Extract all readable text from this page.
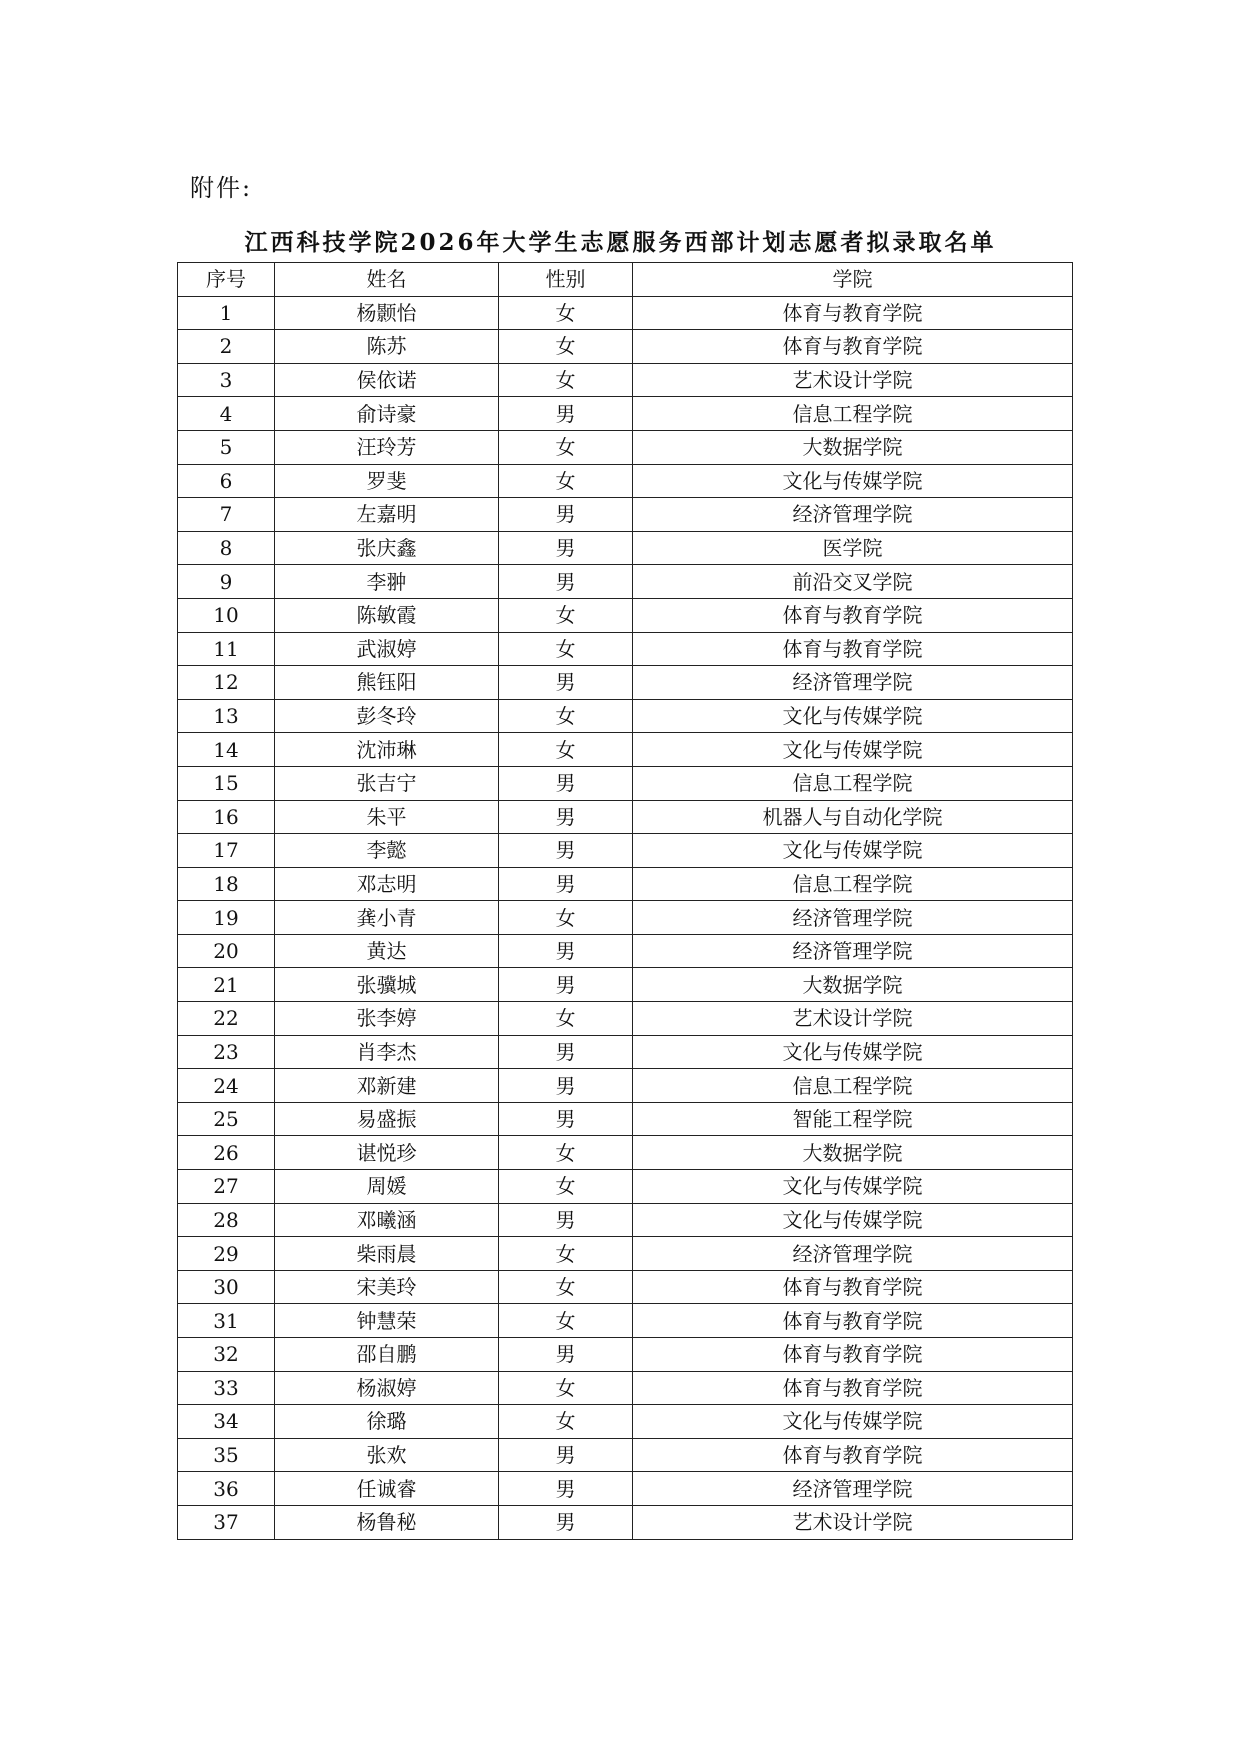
附件:
江西科技学院2026年大学生志愿服务西部计划志愿者拟录取名单
序号	姓名	性别	学院
1	杨颢怡	女	体育与教育学院
2	陈苏	女	体育与教育学院
3	侯依诺	女	艺术设计学院
4	俞诗豪	男	信息工程学院
5	汪玲芳	女	大数据学院
6	罗斐	女	文化与传媒学院
7	左嘉明	男	经济管理学院
8	张庆鑫	男	医学院
9	李翀	男	前沿交叉学院
10	陈敏霞	女	体育与教育学院
11	武淑婷	女	体育与教育学院
12	熊钰阳	男	经济管理学院
13	彭冬玲	女	文化与传媒学院
14	沈沛琳	女	文化与传媒学院
15	张吉宁	男	信息工程学院
16	朱平	男	机器人与自动化学院
17	李懿	男	文化与传媒学院
18	邓志明	男	信息工程学院
19	龚小青	女	经济管理学院
20	黄达	男	经济管理学院
21	张骥城	男	大数据学院
22	张李婷	女	艺术设计学院
23	肖李杰	男	文化与传媒学院
24	邓新建	男	信息工程学院
25	易盛振	男	智能工程学院
26	谌悦珍	女	大数据学院
27	周媛	女	文化与传媒学院
28	邓曦涵	男	文化与传媒学院
29	柴雨晨	女	经济管理学院
30	宋美玲	女	体育与教育学院
31	钟慧荣	女	体育与教育学院
32	邵自鹏	男	体育与教育学院
33	杨淑婷	女	体育与教育学院
34	徐璐	女	文化与传媒学院
35	张欢	男	体育与教育学院
36	任诚睿	男	经济管理学院
37	杨鲁秘	男	艺术设计学院
